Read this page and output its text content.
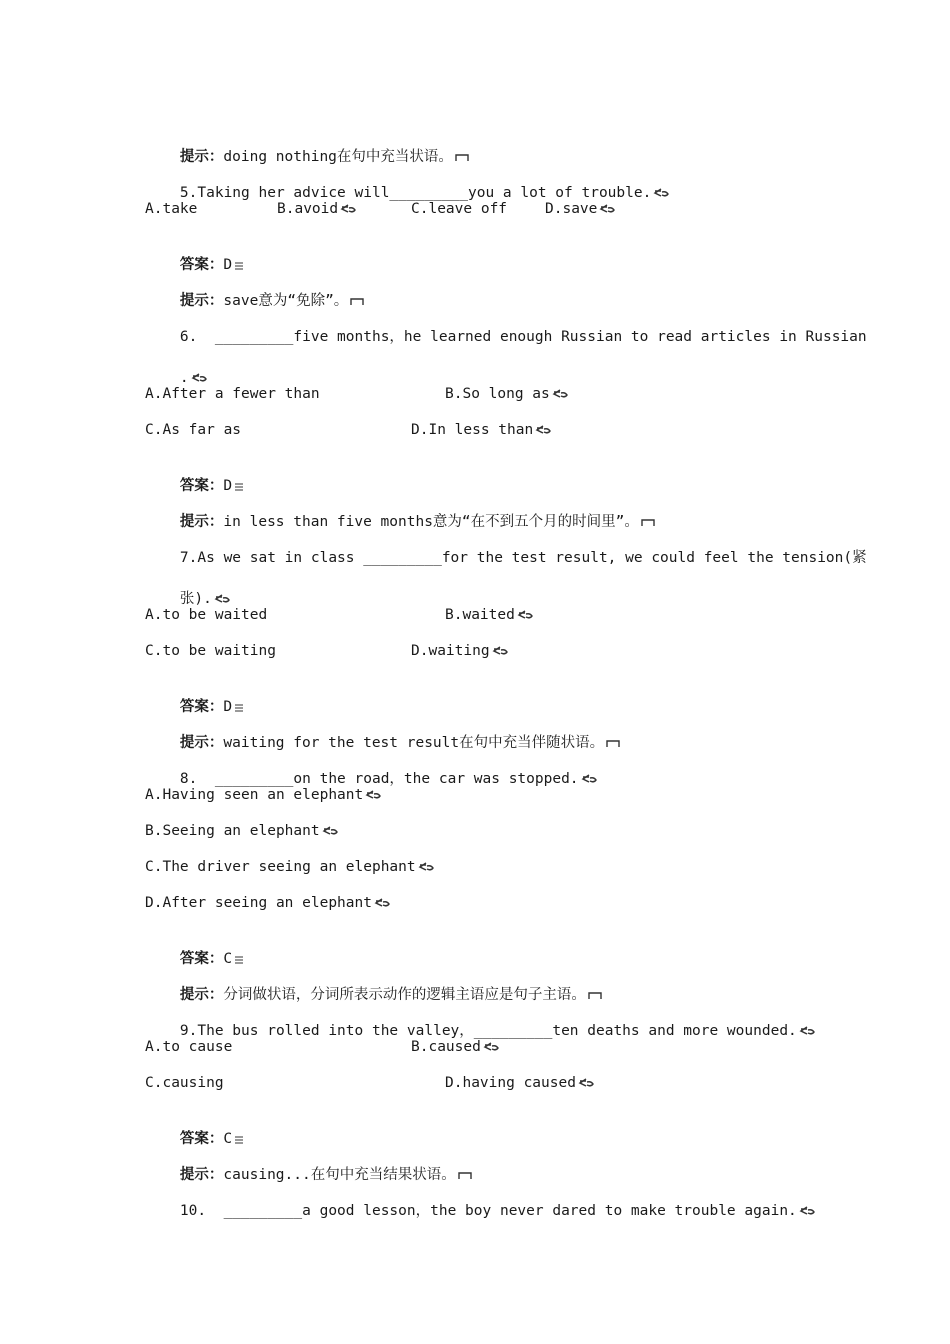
提示：doing nothing在句中充当状语。

5.Taking her advice will_________you a lot of trouble.

A.take	B.avoid	C.leave off	D.save

答案：D

提示：save意为“免除”。

6.  _________five months，he learned enough Russian to read articles in Russian

.

A.After a fewer than	B.So long as
C.As far as	D.In less than

答案：D

提示：in less than five months意为“在不到五个月的时间里”。

7.As we sat in class _________for the test result, we could feel the tension(紧

张).

A.to be waited	B.waited
C.to be waiting	D.waiting

答案：D

提示：waiting for the test result在句中充当伴随状语。

8.  _________on the road，the car was stopped.

A.Having seen an elephant
B.Seeing an elephant
C.The driver seeing an elephant
D.After seeing an elephant

答案：C

提示：分词做状语，分词所表示动作的逻辑主语应是句子主语。

9.The bus rolled into the valley，_________ten deaths and more wounded.

A.to cause	B.caused
C.causing	D.having caused

答案：C

提示：causing...在句中充当结果状语。

10.  _________a good lesson，the boy never dared to make trouble again.
